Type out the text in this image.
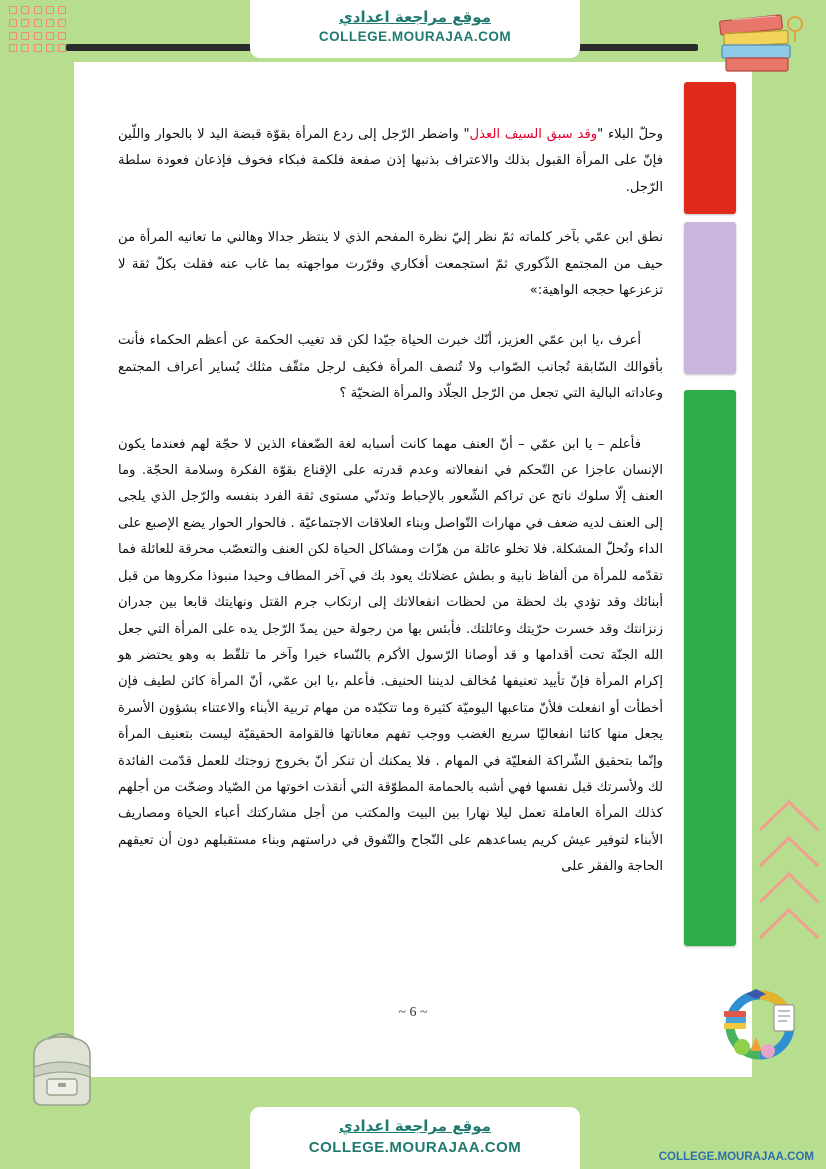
موقع مراجعة اعدادي
COLLEGE.MOURAJAA.COM

وحلّ البلاء "وقد سبق السيف العذل" واضطر الرّجل إلى ردع المرأة بقوّة قبضة اليد لا بالحوار واللّين فإنّ على المرأة القبول بذلك والاعتراف بذنبها إذن صفعة فلكمة فبكاء فخوف فإذعان فعودة سلطة الرّجل.

نطق ابن عمّي بآخر كلماته ثمّ نظر إليّ نظرة المفحم الذي لا ينتظر جدالا وهالني ما تعانيه المرأة من حيف من المجتمع الذّكوري ثمّ استجمعت أفكاري وقرّرت مواجهته بما غاب عنه فقلت بكلّ ثقة لا تزعزعها حججه الواهية:»

أعرف ،يا ابن عمّي العزيز، أنّك خبرت الحياة جيّدا لكن قد تغيب الحكمة عن أعظم الحكماء فأنت بأقوالك السّابقة تُجانب الصّواب ولا تُنصف المرأة فكيف لرجل مثقّف مثلك يُساير أعراف المجتمع وعاداته البالية التي تجعل من الرّجل الجلّاد والمرأة الضحيّة ؟

فأعلم – يا ابن عمّي – أنّ العنف مهما كانت أسبابه لغة الضّعفاء الذين لا حجّة لهم فعندما يكون الإنسان عاجزا عن التّحكم في انفعالاته وعدم قدرته على الإقناع بقوّة الفكرة وسلامة الحجّة. وما العنف إلّا سلوك ناتج عن تراكم الشّعور بالإحباط وتدنّي مستوى ثقة الفرد بنفسه والرّجل الذي يلجى إلى العنف لديه ضعف في مهارات التّواصل وبناء العلاقات الاجتماعيّة . فالحوار الحوار يضع الإصبع على الداء وتُحلّ المشكلة. فلا تخلو عائلة من هزّات ومشاكل الحياة لكن العنف والتعصّب محرقة للعائلة فما تقدّمه للمرأة من ألفاظ نابية و بطش عضلاتك يعود بك في آخر المطاف وحيدا منبوذا مكروها من قبل أبنائك وقد تؤدي بك لحظة من لحظات انفعالاتك إلى ارتكاب جرم القتل ونهايتك قابعا بين جدران زنزانتك وقد خسرت حرّيتك وعائلتك. فأبئس بها من رجولة حين يمدّ الرّجل يده على المرأة التي جعل الله الجنّة تحت أقدامها و قد أوصانا الرّسول الأكرم بالنّساء خيرا وآخر ما تلقّط به وهو يحتضر هو إكرام المرأة فإنّ تأييد تعنيفها مُخالف لديننا الحنيف. فأعلم ،يا ابن عمّي، أنّ المرأة كائن لطيف فإن أخطأت أو انفعلت فلأنّ متاعبها اليوميّة كثيرة وما تتكبّده من مهام تربية الأبناء والاعتناء بشؤون الأسرة يجعل منها كائنا انفعاليّا سريع الغضب ووجب تفهم معاناتها فالقوامة الحقيقيّة ليست بتعنيف المرأة وإنّما بتحقيق الشّراكة الفعليّة في المهام . فلا يمكنك أن تنكر أنّ بخروج زوجتك للعمل قدّمت الفائدة لك ولأسرتك قبل نفسها فهي أشبه بالحمامة المطوّقة التي أنقذت اخوتها من الصّياد وضحّت من أجلهم كذلك المرأة العاملة تعمل ليلا نهارا بين البيت والمكتب من أجل مشاركتك أعباء الحياة ومصاريف الأبناء لتوفير عيش كريم يساعدهم على النّجاح والتّفوق في دراستهم وبناء مستقبلهم دون أن تعيقهم الحاجة والفقر على

~ 6 ~
موقع مراجعة اعدادي
COLLEGE.MOURAJAA.COM
COLLEGE.MOURAJAA.COM
